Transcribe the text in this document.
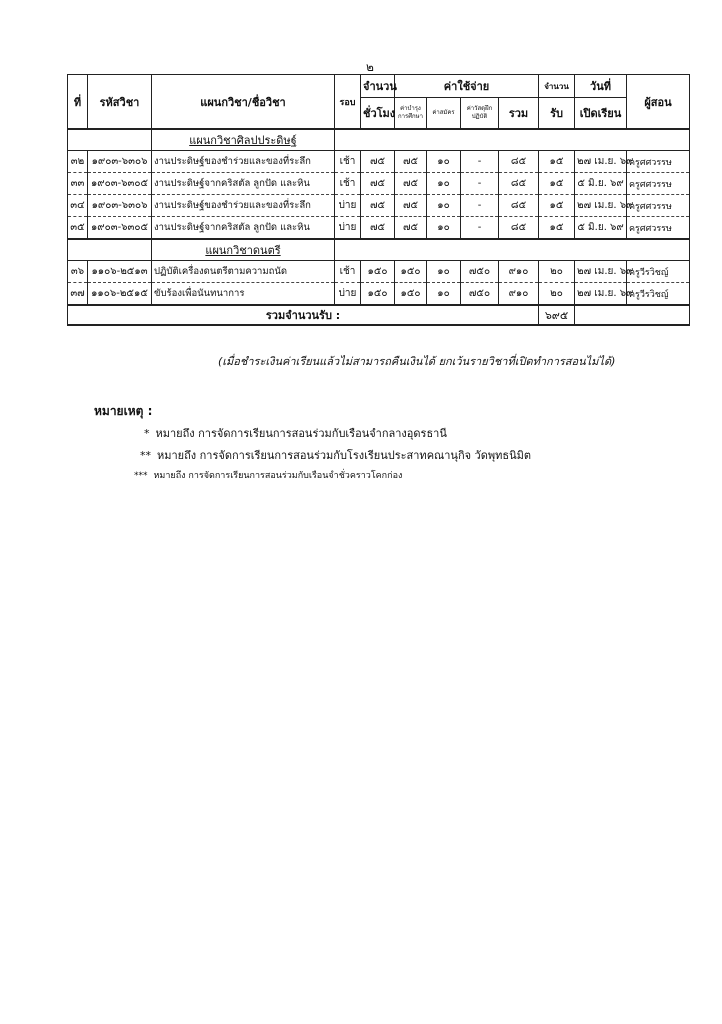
๒
ที่	รหัสวิชา	แผนกวิชา/ชื่อวิชา	รอบ	จำนวน	ค่าใช้จ่าย				จำนวน	วันที่	ผู้สอน
				ชั่วโมง	ค่าบำรุงการศึกษา	ค่าสมัคร	ค่าวัสดุฝึกปฏิบัติ	รวม	รับ	เปิดเรียน	
		แผนกวิชาศิลปประดิษฐ์									
๓๒	๑๙๐๓-๖๓๐๖	งานประดิษฐ์ของชำร่วยและของที่ระลึก	เช้า	๗๕	๗๕	๑๐	-	๘๕	๑๕	๒๗ เม.ย. ๖๙	ครูศศวรรษ
๓๓	๑๙๐๓-๖๓๐๕	งานประดิษฐ์จากคริสตัล ลูกปัด และหิน	เช้า	๗๕	๗๕	๑๐	-	๘๕	๑๕	๕ มิ.ย. ๖๙	ครูศศวรรษ
๓๔	๑๙๐๓-๖๓๐๖	งานประดิษฐ์ของชำร่วยและของที่ระลึก	บ่าย	๗๕	๗๕	๑๐	-	๘๕	๑๕	๒๗ เม.ย. ๖๙	ครูศศวรรษ
๓๕	๑๙๐๓-๖๓๐๕	งานประดิษฐ์จากคริสตัล ลูกปัด และหิน	บ่าย	๗๕	๗๕	๑๐	-	๘๕	๑๕	๕ มิ.ย. ๖๙	ครูศศวรรษ
		แผนกวิชาดนตรี									
๓๖	๑๑๐๖-๒๕๑๓	ปฏิบัติเครื่องดนตรีตามความถนัด	เช้า	๑๕๐	๑๕๐	๑๐	๗๕๐	๙๑๐	๒๐	๒๗ เม.ย. ๖๙	ครูวีรวิชญ์
๓๗	๑๑๐๖-๒๕๑๕	ขับร้องเพื่อนันทนาการ	บ่าย	๑๕๐	๑๕๐	๑๐	๗๕๐	๙๑๐	๒๐	๒๗ เม.ย. ๖๙	ครูวีรวิชญ์
รวมจำนวนรับ :									๖๙๕		
(เมื่อชำระเงินค่าเรียนแล้วไม่สามารถคืนเงินได้ ยกเว้นรายวิชาที่เปิดทำการสอนไม่ได้)
หมายเหตุ :
* หมายถึง การจัดการเรียนการสอนร่วมกับเรือนจำกลางอุดรธานี
** หมายถึง การจัดการเรียนการสอนร่วมกับโรงเรียนประสาทคณานุกิจ วัดพุทธนิมิต
*** หมายถึง การจัดการเรียนการสอนร่วมกับเรือนจำชั่วคราวโคกก่อง
